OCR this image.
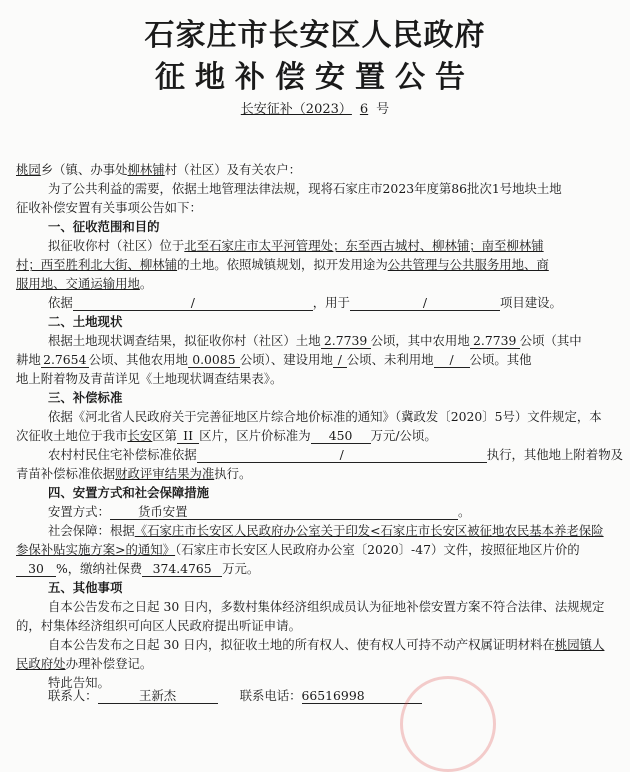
石家庄市长安区人民政府
征地补偿安置公告
长安征补（2023） 6 号
桃园乡（镇、办事处柳林铺村（社区）及有关农户：
为了公共利益的需要，依据土地管理法律法规，现将石家庄市2023年度第86批次1号地块土地
征收补偿安置有关事项公告如下：
一、征收范围和目的
拟征收你村（社区）位于北至石家庄市太平河管理处；东至西古城村、柳林铺；南至柳林铺
村；西至胜利北大街、柳林铺的土地。依照城镇规划，拟开发用途为公共管理与公共服务用地、商
服用地、交通运输用地。
依据	/	，用于	/	项目建设。
二、土地现状
根据土地现状调查结果，拟征收你村（社区）土地 2.7739 公顷，其中农用地 2.7739 公顷（其中
耕地 2.7654 公顷、其他农用地 0.0085 公顷）、建设用地 / 公顷、未利用地 / 公顷。其他
地上附着物及青苗详见《土地现状调查结果表》。
三、补偿标准
依据《河北省人民政府关于完善征地区片综合地价标准的通知》（冀政发〔2020〕5号）文件规定，本
次征收土地位于我市长安区第 II 区片，区片价标准为 450 万元/公顷。
农村村民住宅补偿标准依据	/	执行，其他地上附着物及
青苗补偿标准依据财政评审结果为准执行。
四、安置方式和社会保障措施
安置方式： 货币安置	。
社会保障：根据《石家庄市长安区人民政府办公室关于印发<石家庄市长安区被征地农民基本养老保险
参保补贴实施方案>的通知》（石家庄市长安区人民政府办公室〔2020〕-47）文件，按照征地区片价的
30 %，缴纳社保费 374.4765 万元。
五、其他事项
自本公告发布之日起 30 日内，多数村集体经济组织成员认为征地补偿安置方案不符合法律、法规规定
的，村集体经济组织可向区人民政府提出听证申请。
自本公告发布之日起 30 日内，拟征收土地的所有权人、使有权人可持不动产权属证明材料在桃园镇人
民政府处办理补偿登记。
特此告知。
联系人：	王新杰	联系电话：66516998
